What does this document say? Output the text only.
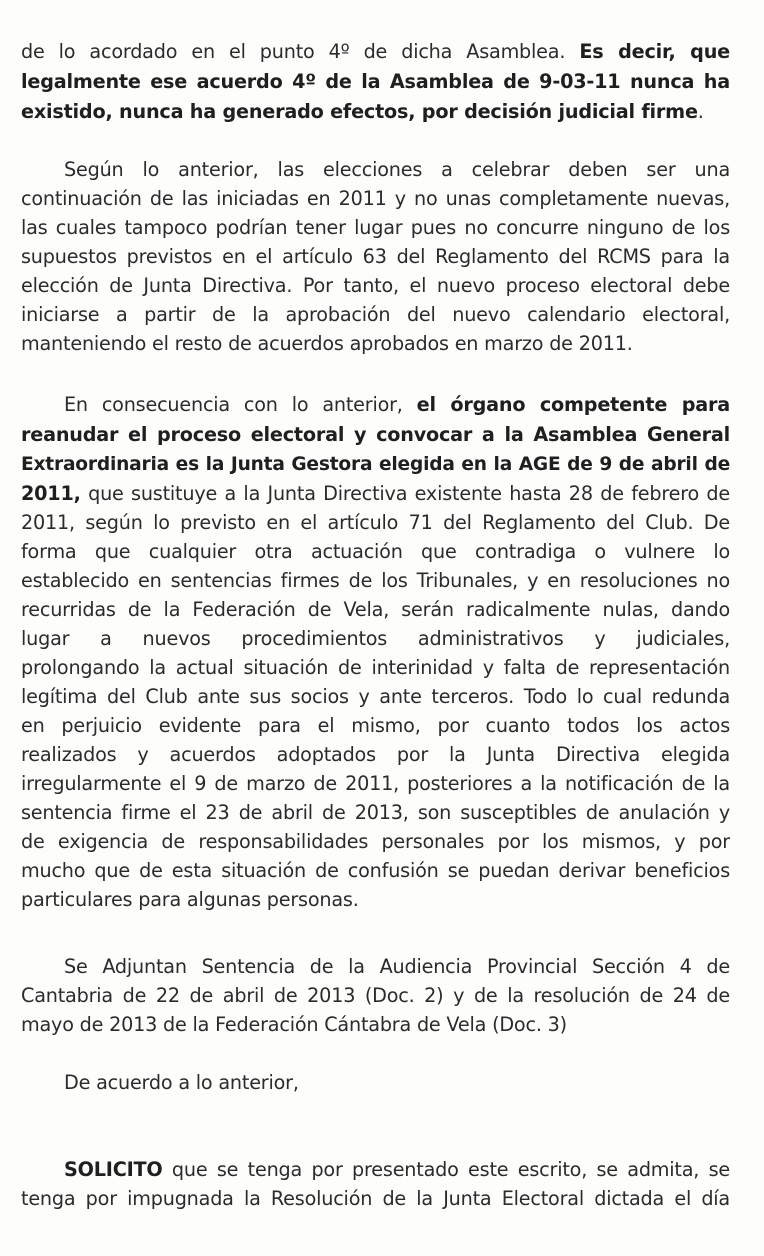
de lo acordado en el punto 4º de dicha Asamblea. Es decir, que
legalmente ese acuerdo 4º de la Asamblea de 9-03-11 nunca ha
existido, nunca ha generado efectos, por decisión judicial firme.
Según lo anterior, las elecciones a celebrar deben ser una
continuación de las iniciadas en 2011 y no unas completamente nuevas,
las cuales tampoco podrían tener lugar pues no concurre ninguno de los
supuestos previstos en el artículo 63 del Reglamento del RCMS para la
elección de Junta Directiva. Por tanto, el nuevo proceso electoral debe
iniciarse a partir de la aprobación del nuevo calendario electoral,
manteniendo el resto de acuerdos aprobados en marzo de 2011.
En consecuencia con lo anterior, el órgano competente para
reanudar el proceso electoral y convocar a la Asamblea General
Extraordinaria es la Junta Gestora elegida en la AGE de 9 de abril de
2011, que sustituye a la Junta Directiva existente hasta 28 de febrero de
2011, según lo previsto en el artículo 71 del Reglamento del Club. De
forma que cualquier otra actuación que contradiga o vulnere lo
establecido en sentencias firmes de los Tribunales, y en resoluciones no
recurridas de la Federación de Vela, serán radicalmente nulas, dando
lugar a nuevos procedimientos administrativos y judiciales,
prolongando la actual situación de interinidad y falta de representación
legítima del Club ante sus socios y ante terceros. Todo lo cual redunda
en perjuicio evidente para el mismo, por cuanto todos los actos
realizados y acuerdos adoptados por la Junta Directiva elegida
irregularmente el 9 de marzo de 2011, posteriores a la notificación de la
sentencia firme el 23 de abril de 2013, son susceptibles de anulación y
de exigencia de responsabilidades personales por los mismos, y por
mucho que de esta situación de confusión se puedan derivar beneficios
particulares para algunas personas.
Se Adjuntan Sentencia de la Audiencia Provincial Sección 4 de
Cantabria de 22 de abril de 2013 (Doc. 2) y de la resolución de 24 de
mayo de 2013 de la Federación Cántabra de Vela (Doc. 3)
De acuerdo a lo anterior,
SOLICITO que se tenga por presentado este escrito, se admita, se
tenga por impugnada la Resolución de la Junta Electoral dictada el día
